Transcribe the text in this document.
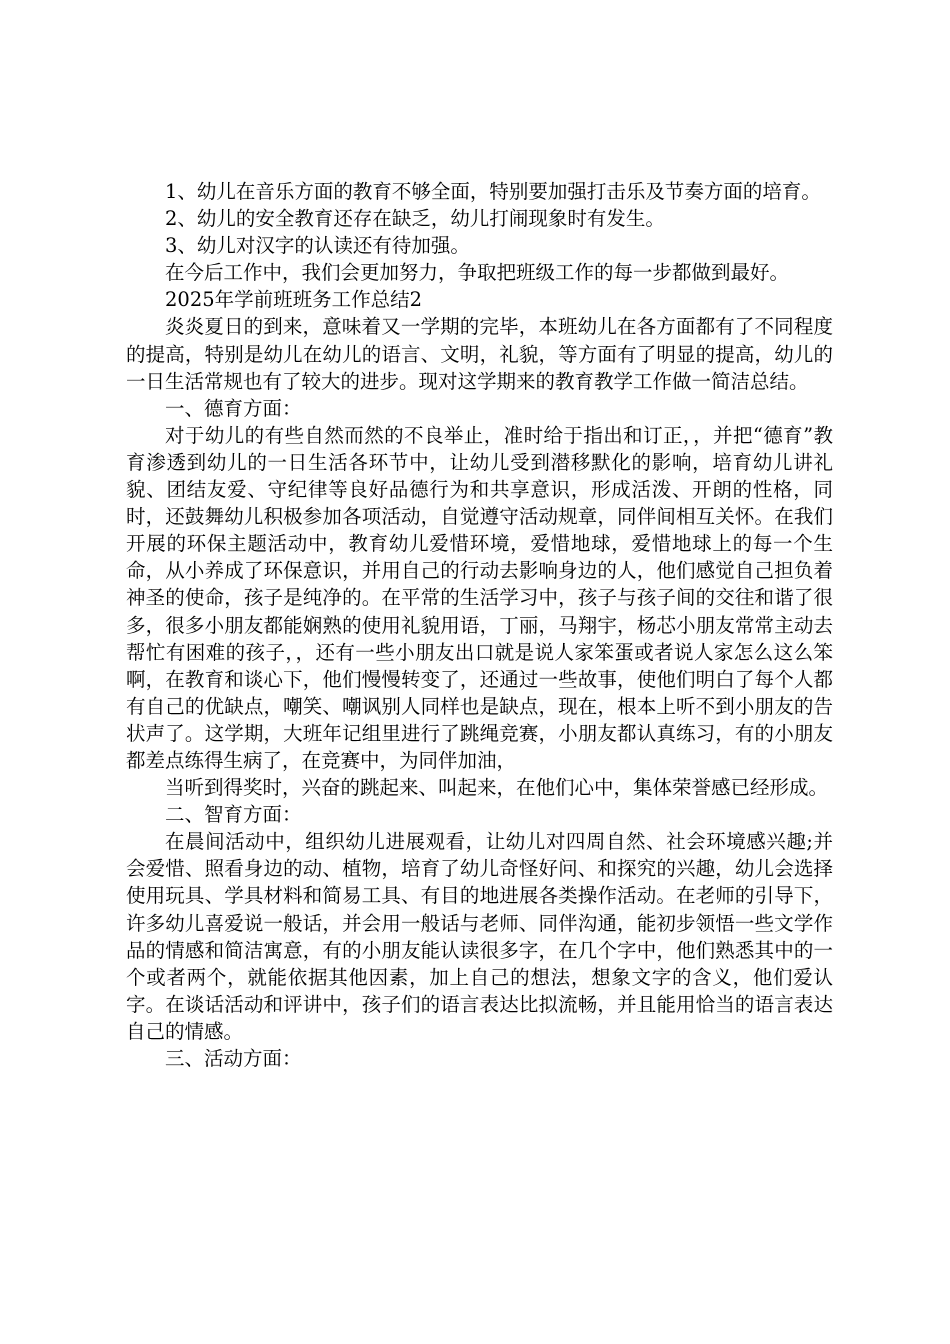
1、幼儿在音乐方面的教育不够全面，特别要加强打击乐及节奏方面的培育。

2、幼儿的安全教育还存在缺乏，幼儿打闹现象时有发生。

3、幼儿对汉字的认读还有待加强。

在今后工作中，我们会更加努力，争取把班级工作的每一步都做到最好。

2025年学前班班务工作总结2

炎炎夏日的到来，意味着又一学期的完毕，本班幼儿在各方面都有了不同程度的提高，特别是幼儿在幼儿的语言、文明，礼貌，等方面有了明显的提高，幼儿的一日生活常规也有了较大的进步。现对这学期来的教育教学工作做一简洁总结。

一、德育方面：

对于幼儿的有些自然而然的不良举止，准时给于指出和订正，，并把“德育”教育渗透到幼儿的一日生活各环节中，让幼儿受到潜移默化的影响，培育幼儿讲礼貌、团结友爱、守纪律等良好品德行为和共享意识，形成活泼、开朗的性格，同时，还鼓舞幼儿积极参加各项活动，自觉遵守活动规章，同伴间相互关怀。在我们开展的环保主题活动中，教育幼儿爱惜环境，爱惜地球，爱惜地球上的每一个生命，从小养成了环保意识，并用自己的行动去影响身边的人，他们感觉自己担负着神圣的使命，孩子是纯净的。在平常的生活学习中，孩子与孩子间的交往和谐了很多，很多小朋友都能娴熟的使用礼貌用语，丁丽，马翔宇，杨芯小朋友常常主动去帮忙有困难的孩子，，还有一些小朋友出口就是说人家笨蛋或者说人家怎么这么笨啊，在教育和谈心下，他们慢慢转变了，还通过一些故事，使他们明白了每个人都有自己的优缺点，嘲笑、嘲讽别人同样也是缺点，现在，根本上听不到小朋友的告状声了。这学期，大班年记组里进行了跳绳竞赛，小朋友都认真练习，有的小朋友都差点练得生病了，在竞赛中，为同伴加油，

当听到得奖时，兴奋的跳起来、叫起来，在他们心中，集体荣誉感已经形成。

二、智育方面：

在晨间活动中，组织幼儿进展观看，让幼儿对四周自然、社会环境感兴趣;并会爱惜、照看身边的动、植物，培育了幼儿奇怪好问、和探究的兴趣，幼儿会选择使用玩具、学具材料和简易工具、有目的地进展各类操作活动。在老师的引导下，许多幼儿喜爱说一般话，并会用一般话与老师、同伴沟通，能初步领悟一些文学作品的情感和简洁寓意，有的小朋友能认读很多字，在几个字中，他们熟悉其中的一个或者两个，就能依据其他因素，加上自己的想法，想象文字的含义，他们爱认字。在谈话活动和评讲中，孩子们的语言表达比拟流畅，并且能用恰当的语言表达自己的情感。

三、活动方面：
